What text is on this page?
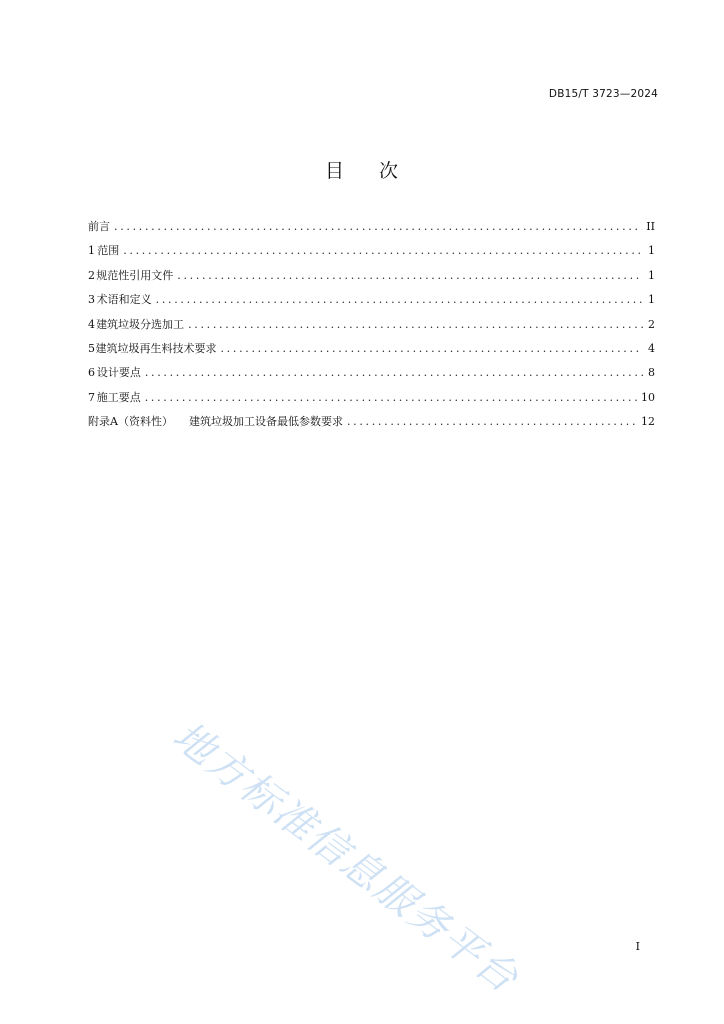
DB15/T 3723—2024
目 次
前言 .....	II
1 范围 .....	1
2 规范性引用文件 .....	1
3 术语和定义 .....	1
4 建筑垃圾分选加工 .....	2
5 建筑垃圾再生料技术要求 .....	4
6 设计要点 .....	8
7 施工要点 .....	10
附录A（资料性） 建筑垃圾加工设备最低参数要求 .....	12
地方标准信息服务平台	I
